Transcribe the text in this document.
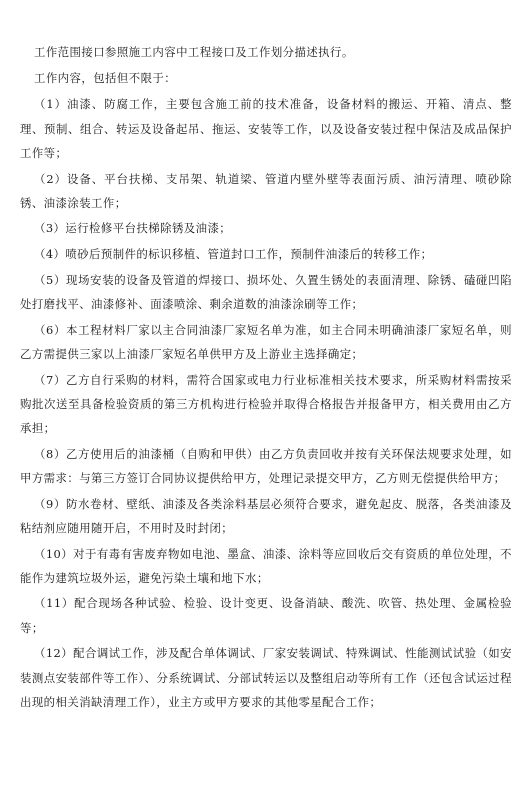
工作范围接口参照施工内容中工程接口及工作划分描述执行。

工作内容，包括但不限于：

（1）油漆、防腐工作，主要包含施工前的技术准备，设备材料的搬运、开箱、清点、整理、预制、组合、转运及设备起吊、拖运、安装等工作，以及设备安装过程中保洁及成品保护工作等；

（2）设备、平台扶梯、支吊架、轨道梁、管道内壁外壁等表面污质、油污清理、喷砂除锈、油漆涂装工作；

（3）运行检修平台扶梯除锈及油漆；

（4）喷砂后预制件的标识移植、管道封口工作，预制件油漆后的转移工作；

（5）现场安装的设备及管道的焊接口、损坏处、久置生锈处的表面清理、除锈、磕碰凹陷处打磨找平、油漆修补、面漆喷涂、剩余道数的油漆涂刷等工作；

（6）本工程材料厂家以主合同油漆厂家短名单为准，如主合同未明确油漆厂家短名单，则乙方需提供三家以上油漆厂家短名单供甲方及上游业主选择确定；

（7）乙方自行采购的材料，需符合国家或电力行业标准相关技术要求，所采购材料需按采购批次送至具备检验资质的第三方机构进行检验并取得合格报告并报备甲方，相关费用由乙方承担；

（8）乙方使用后的油漆桶（自购和甲供）由乙方负责回收并按有关环保法规要求处理，如甲方需求：与第三方签订合同协议提供给甲方，处理记录提交甲方，乙方则无偿提供给甲方；

（9）防水卷材、壁纸、油漆及各类涂料基层必须符合要求，避免起皮、脱落，各类油漆及粘结剂应随用随开启，不用时及时封闭；

（10）对于有毒有害废弃物如电池、墨盒、油漆、涂料等应回收后交有资质的单位处理，不能作为建筑垃圾外运，避免污染土壤和地下水；

（11）配合现场各种试验、检验、设计变更、设备消缺、酸洗、吹管、热处理、金属检验等；

（12）配合调试工作，涉及配合单体调试、厂家安装调试、特殊调试、性能测试试验（如安装测点安装部件等工作）、分系统调试、分部试转运以及整组启动等所有工作（还包含试运过程出现的相关消缺清理工作），业主方或甲方要求的其他零星配合工作；
